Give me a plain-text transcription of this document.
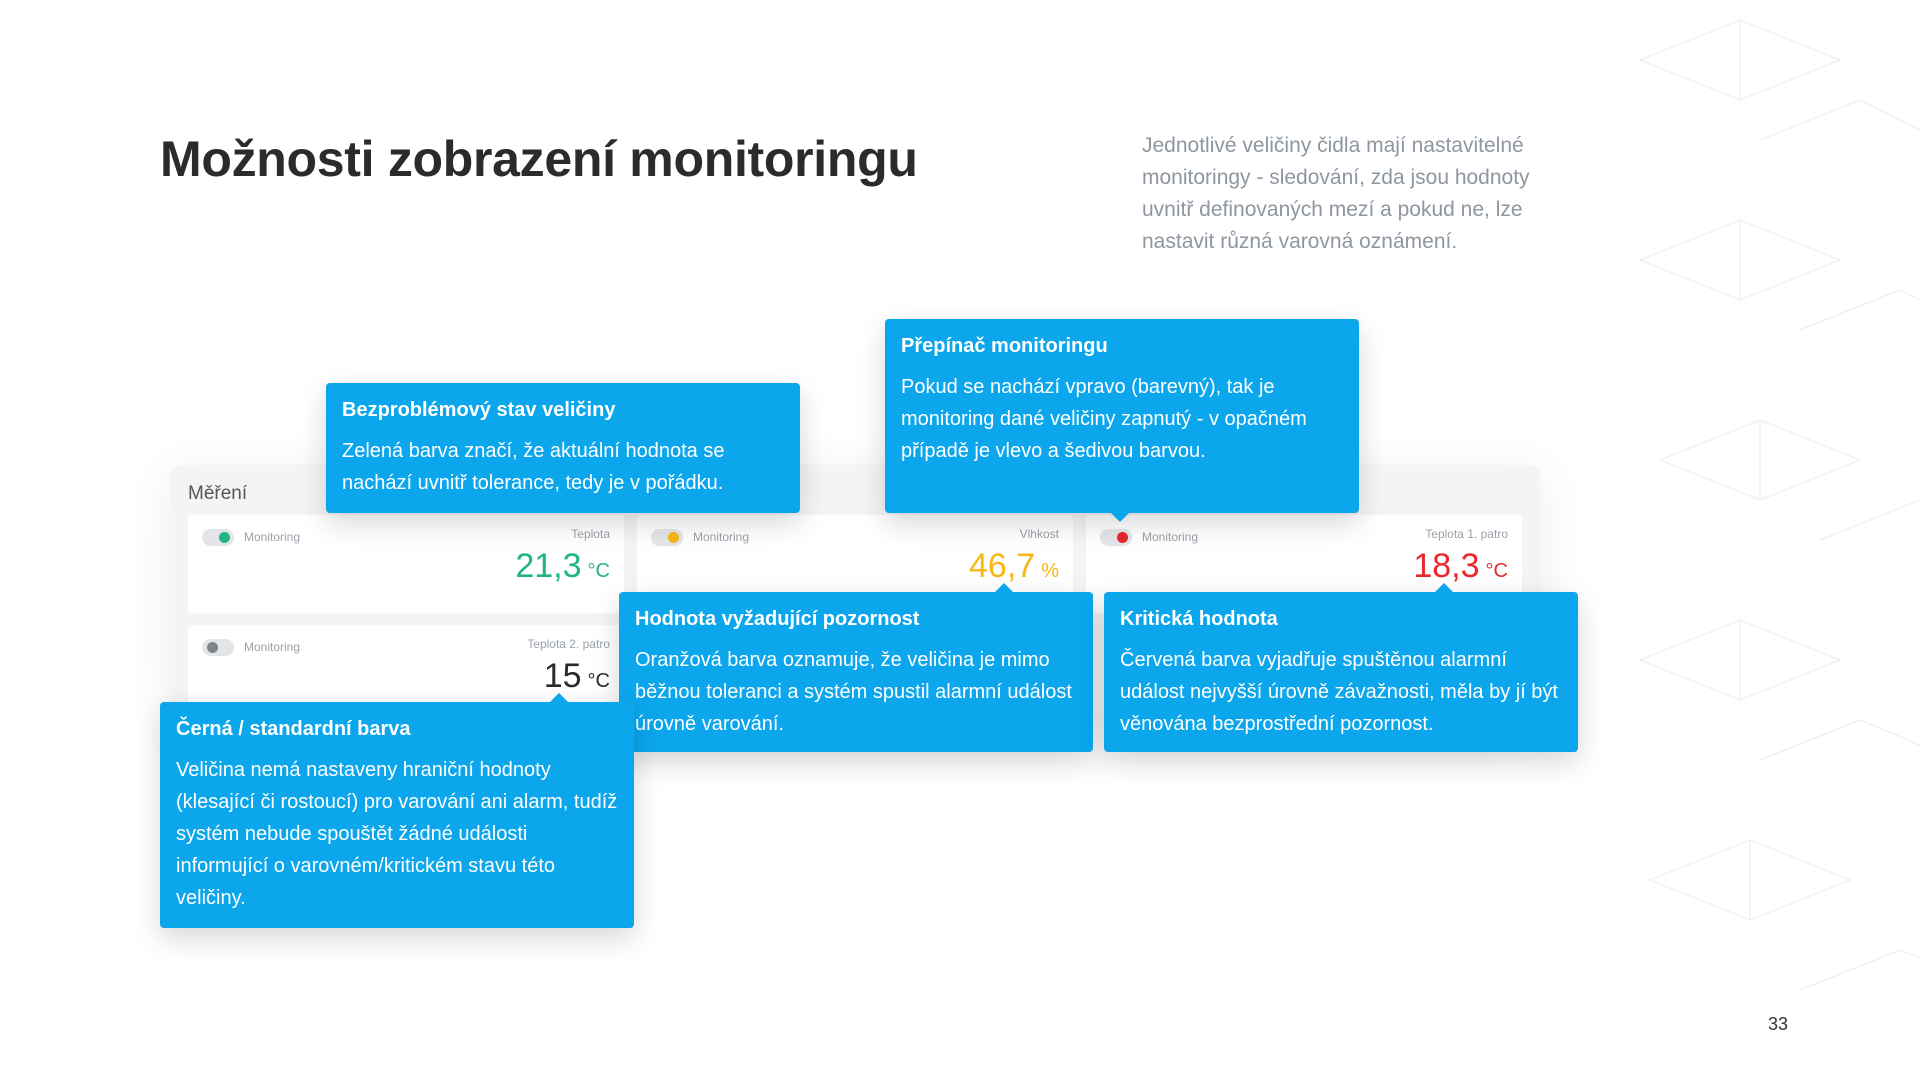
Možnosti zobrazení monitoringu	Jednotlivé veličiny čidla mají nastavitelné monitoringy - sledování, zda jsou hodnoty uvnitř definovaných mezí a pokud ne, lze nastavit různá varovná oznámení.
Měření
Monitoring	Teplota
21,3 °C
Monitoring	Vlhkost
46,7 %
Monitoring	Teplota 1. patro
18,3 °C
Monitoring	Teplota 2. patro
15 °C
Bezproblémový stav veličiny

Zelená barva značí, že aktuální hodnota se nachází uvnitř tolerance, tedy je v pořádku.

Přepínač monitoringu

Pokud se nachází vpravo (barevný), tak je monitoring dané veličiny zapnutý - v opačném případě je vlevo a šedivou barvou.

Hodnota vyžadující pozornost

Oranžová barva oznamuje, že veličina je mimo běžnou toleranci a systém spustil alarmní událost úrovně varování.

Kritická hodnota

Červená barva vyjadřuje spuštěnou alarmní událost nejvyšší úrovně závažnosti, měla by jí být věnována bezprostřední pozornost.

Černá / standardní barva

Veličina nemá nastaveny hraniční hodnoty (klesající či rostoucí) pro varování ani alarm, tudíž systém nebude spouštět žádné události informující o varovném/kritickém stavu této veličiny.

33
